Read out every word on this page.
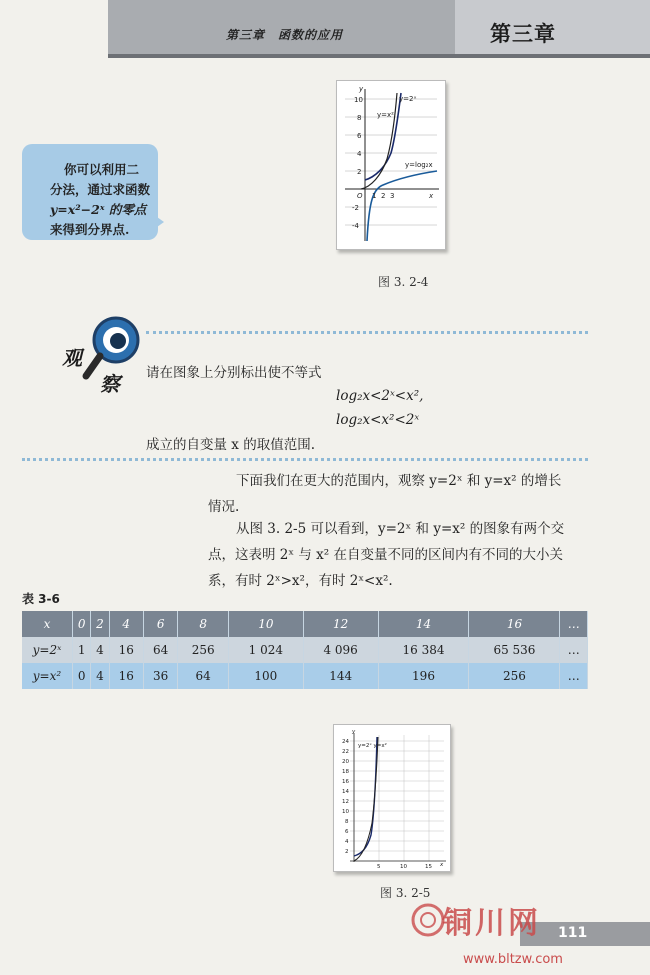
第三章　函数的应用	第三章
10
8
6
4
2
-2
-4
1 2 3
O	x
y
y=2ˣ
y=x²
y=log₂x
图 3. 2-4
你可以利用二
分法，通过求函数
y=x²−2ˣ 的零点
来得到分界点.
观
察 请在图象上分别标出使不等式
log₂x<2ˣ<x²,
log₂x<x²<2ˣ
成立的自变量 x 的取值范围.
下面我们在更大的范围内，观察 y=2ˣ 和 y=x² 的增长
情况.
从图 3. 2-5 可以看到，y=2ˣ 和 y=x² 的图象有两个交
点，这表明 2ˣ 与 x² 在自变量不同的区间内有不同的大小关
系，有时 2ˣ>x²，有时 2ˣ<x².
表 3-6
x	0	2	4	6	8	10	12	14	16	…
y=2ˣ	1	4	16	64	256	1 024	4 096	16 384	65 536	…
y=x²	0	4	16	36	64	100	144	196	256	…
24
22
20
18
16
14
12
10
8
6
4
2
5	10	15
y
x
y=2ˣ y=x²
图 3. 2-5
111
铜川网
www.bltzw.com
